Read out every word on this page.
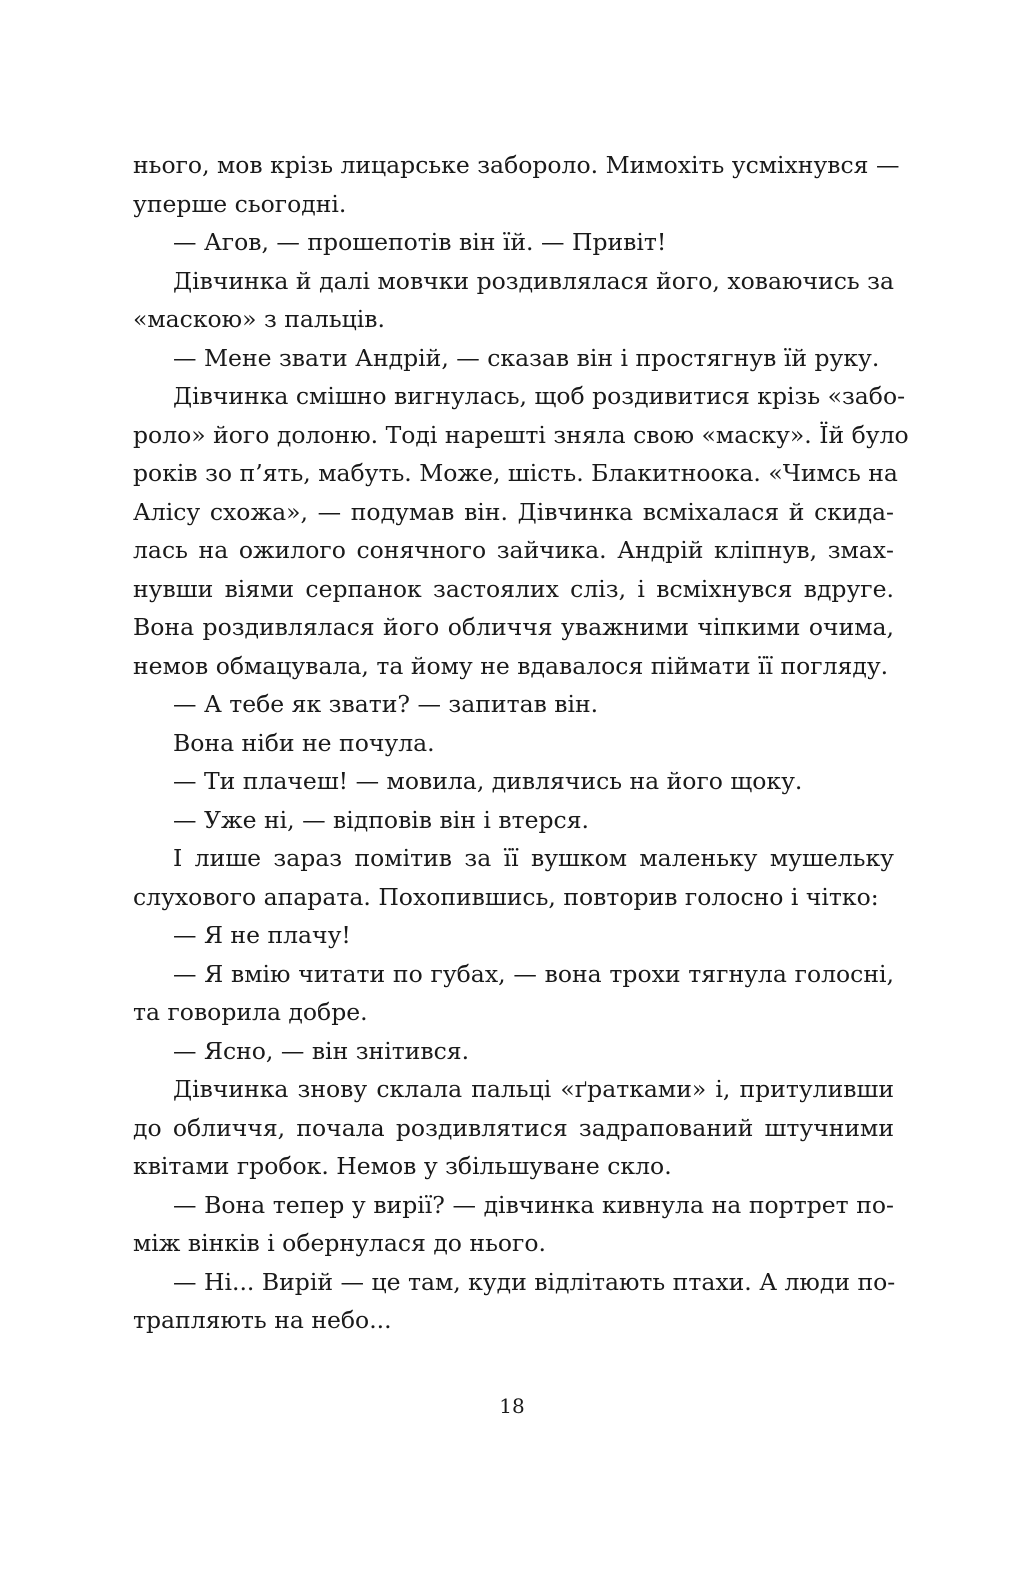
нього, мов крізь лицарське забороло. Мимохіть усміхнувся —
уперше сьогодні.
— Агов, — прошепотів він їй. — Привіт!
Дівчинка й далі мовчки роздивлялася його, ховаючись за
«маскою» з пальців.
— Мене звати Андрій, — сказав він і простягнув їй руку.
Дівчинка смішно вигнулась, щоб роздивитися крізь «забо-
роло» його долоню. Тоді нарешті зняла свою «маску». Їй було
років зо п’ять, мабуть. Може, шість. Блакитноока. «Чимсь на
Алісу схожа», — подумав він. Дівчинка всміхалася й скида-
лась на ожилого сонячного зайчика. Андрій кліпнув, змах-
нувши віями серпанок застоялих сліз, і всміхнувся вдруге.
Вона роздивлялася його обличчя уважними чіпкими очима,
немов обмацувала, та йому не вдавалося піймати її погляду.
— А тебе як звати? — запитав він.
Вона ніби не почула.
— Ти плачеш! — мовила, дивлячись на його щоку.
— Уже ні, — відповів він і втерся.
І лише зараз помітив за її вушком маленьку мушельку
слухового апарата. Похопившись, повторив голосно і чітко:
— Я не плачу!
— Я вмію читати по губах, — вона трохи тягнула голосні,
та говорила добре.
— Ясно, — він знітився.
Дівчинка знову склала пальці «ґратками» і, притуливши
до обличчя, почала роздивлятися задрапований штучними
квітами гробок. Немов у збільшуване скло.
— Вона тепер у вирії? — дівчинка кивнула на портрет по-
між вінків і обернулася до нього.
— Ні... Вирій — це там, куди відлітають птахи. А люди по-
трапляють на небо...
18
